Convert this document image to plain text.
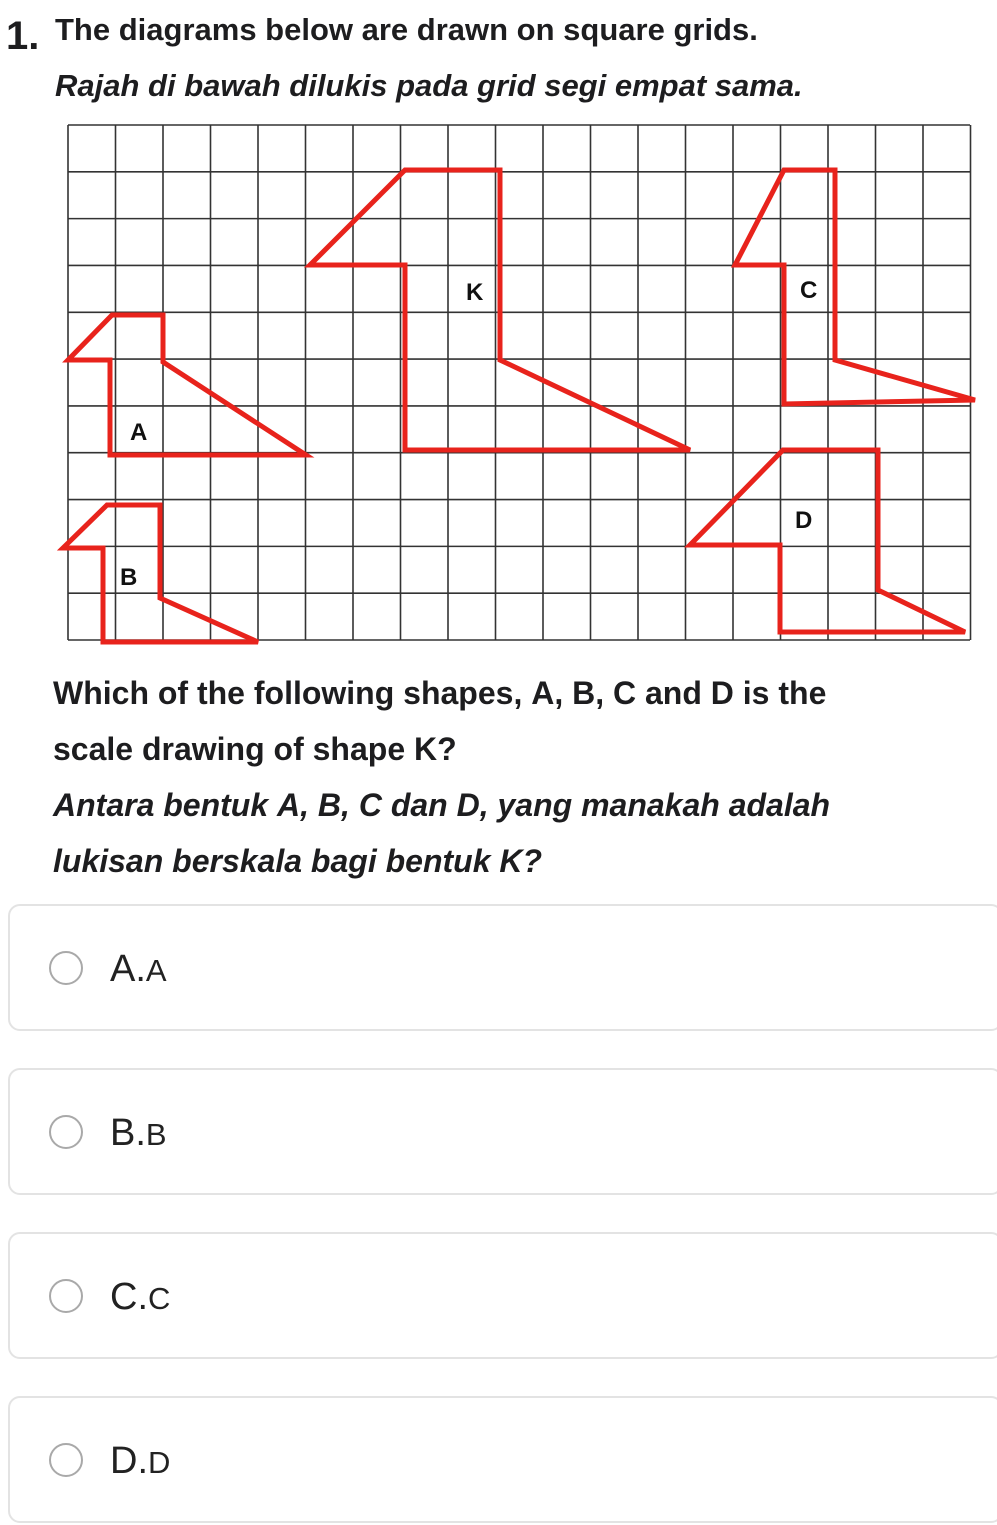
1. The diagrams below are drawn on square grids.
Rajah di bawah dilukis pada grid segi empat sama.
K
A
B
C
D
Which of the following shapes, A, B, C and D is the
scale drawing of shape K?
Antara bentuk A, B, C dan D, yang manakah adalah
lukisan berskala bagi bentuk K?
A.A
B.B
C.C
D.D
